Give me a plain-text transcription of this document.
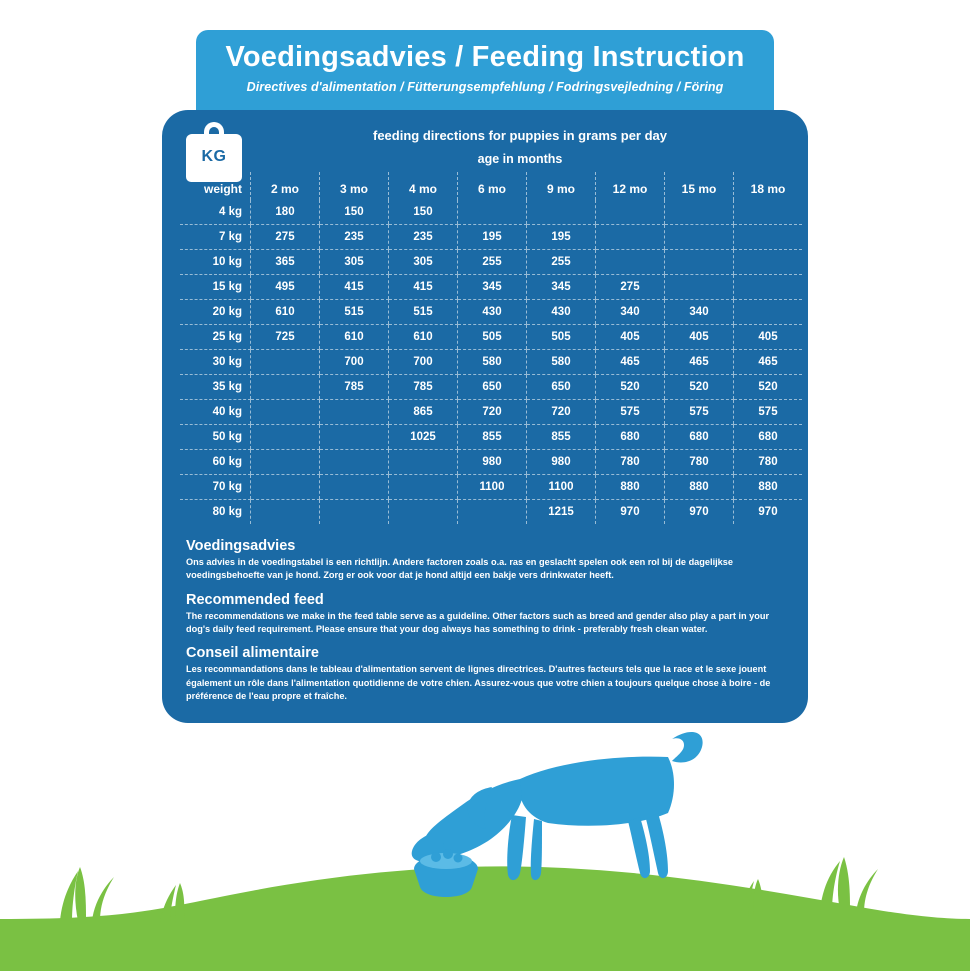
Voedingsadvies / Feeding Instruction
Directives d'alimentation / Fütterungsempfehlung / Fodringsvejledning / Föring
KG
feeding directions for puppies in grams per day
age in months
weight	2 mo	3 mo	4 mo	6 mo	9 mo	12 mo	15 mo	18 mo
4 kg	180	150	150					
7 kg	275	235	235	195	195			
10 kg	365	305	305	255	255			
15 kg	495	415	415	345	345	275		
20 kg	610	515	515	430	430	340	340	
25 kg	725	610	610	505	505	405	405	405
30 kg		700	700	580	580	465	465	465
35 kg		785	785	650	650	520	520	520
40 kg			865	720	720	575	575	575
50 kg			1025	855	855	680	680	680
60 kg				980	980	780	780	780
70 kg				1100	1100	880	880	880
80 kg					1215	970	970	970
Voedingsadvies
Ons advies in de voedingstabel is een richtlijn. Andere factoren zoals o.a. ras en geslacht spelen ook een rol bij de dagelijkse voedingsbehoefte van je hond. Zorg er ook voor dat je hond altijd een bakje vers drinkwater heeft.
Recommended feed
The recommendations we make in the feed table serve as a guideline. Other factors such as breed and gender also play a part in your dog's daily feed requirement. Please ensure that your dog always has something to drink - preferably fresh clean water.
Conseil alimentaire
Les recommandations dans le tableau d'alimentation servent de lignes directrices. D'autres facteurs tels que la race et le sexe jouent également un rôle dans l'alimentation quotidienne de votre chien. Assurez-vous que votre chien a toujours quelque chose à boire - de préférence de l'eau propre et fraîche.
